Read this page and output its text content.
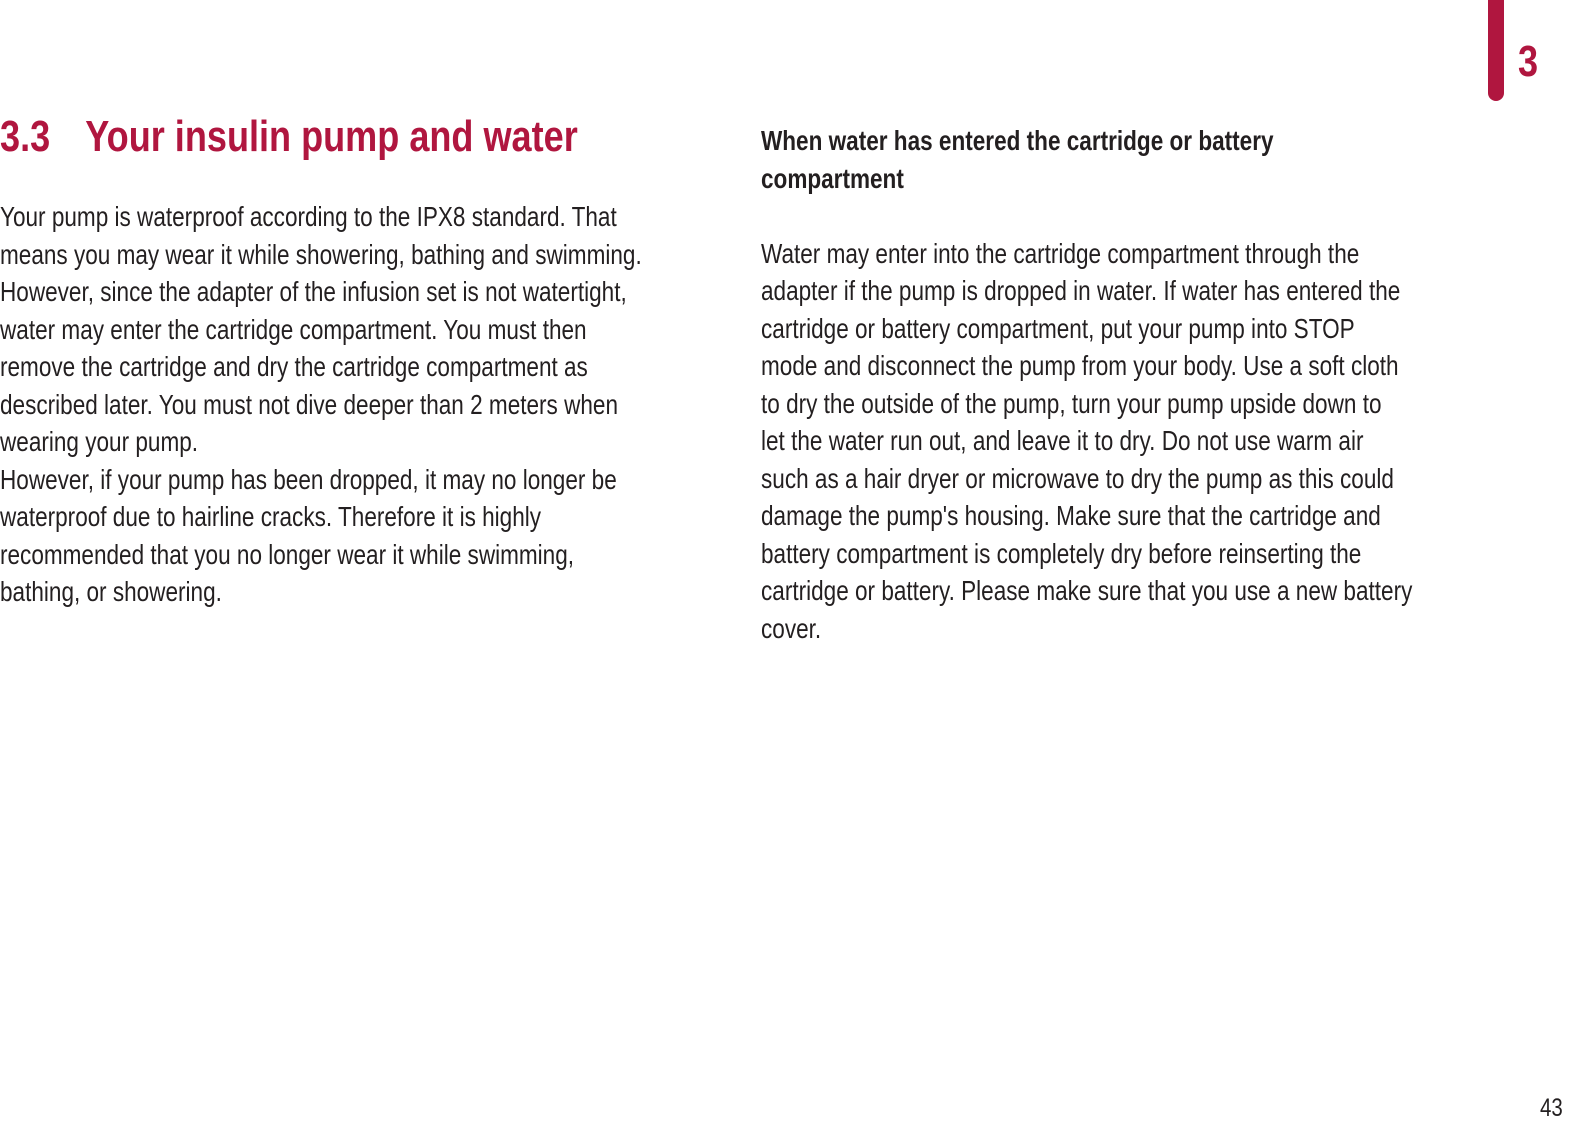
3
3.3 Your insulin pump and water

Your pump is waterproof according to the IPX8 standard. That

means you may wear it while showering, bathing and swimming.

However, since the adapter of the infusion set is not watertight,

water may enter the cartridge compartment. You must then

remove the cartridge and dry the cartridge compartment as

described later. You must not dive deeper than 2 meters when

wearing your pump.

However, if your pump has been dropped, it may no longer be

waterproof due to hairline cracks. Therefore it is highly

recommended that you no longer wear it while swimming,

bathing, or showering.

When water has entered the cartridge or battery
compartment

Water may enter into the cartridge compartment through the

adapter if the pump is dropped in water. If water has entered the

cartridge or battery compartment, put your pump into STOP

mode and disconnect the pump from your body. Use a soft cloth

to dry the outside of the pump, turn your pump upside down to

let the water run out, and leave it to dry. Do not use warm air

such as a hair dryer or microwave to dry the pump as this could

damage the pump's housing. Make sure that the cartridge and

battery compartment is completely dry before reinserting the

cartridge or battery. Please make sure that you use a new battery

cover.

43
